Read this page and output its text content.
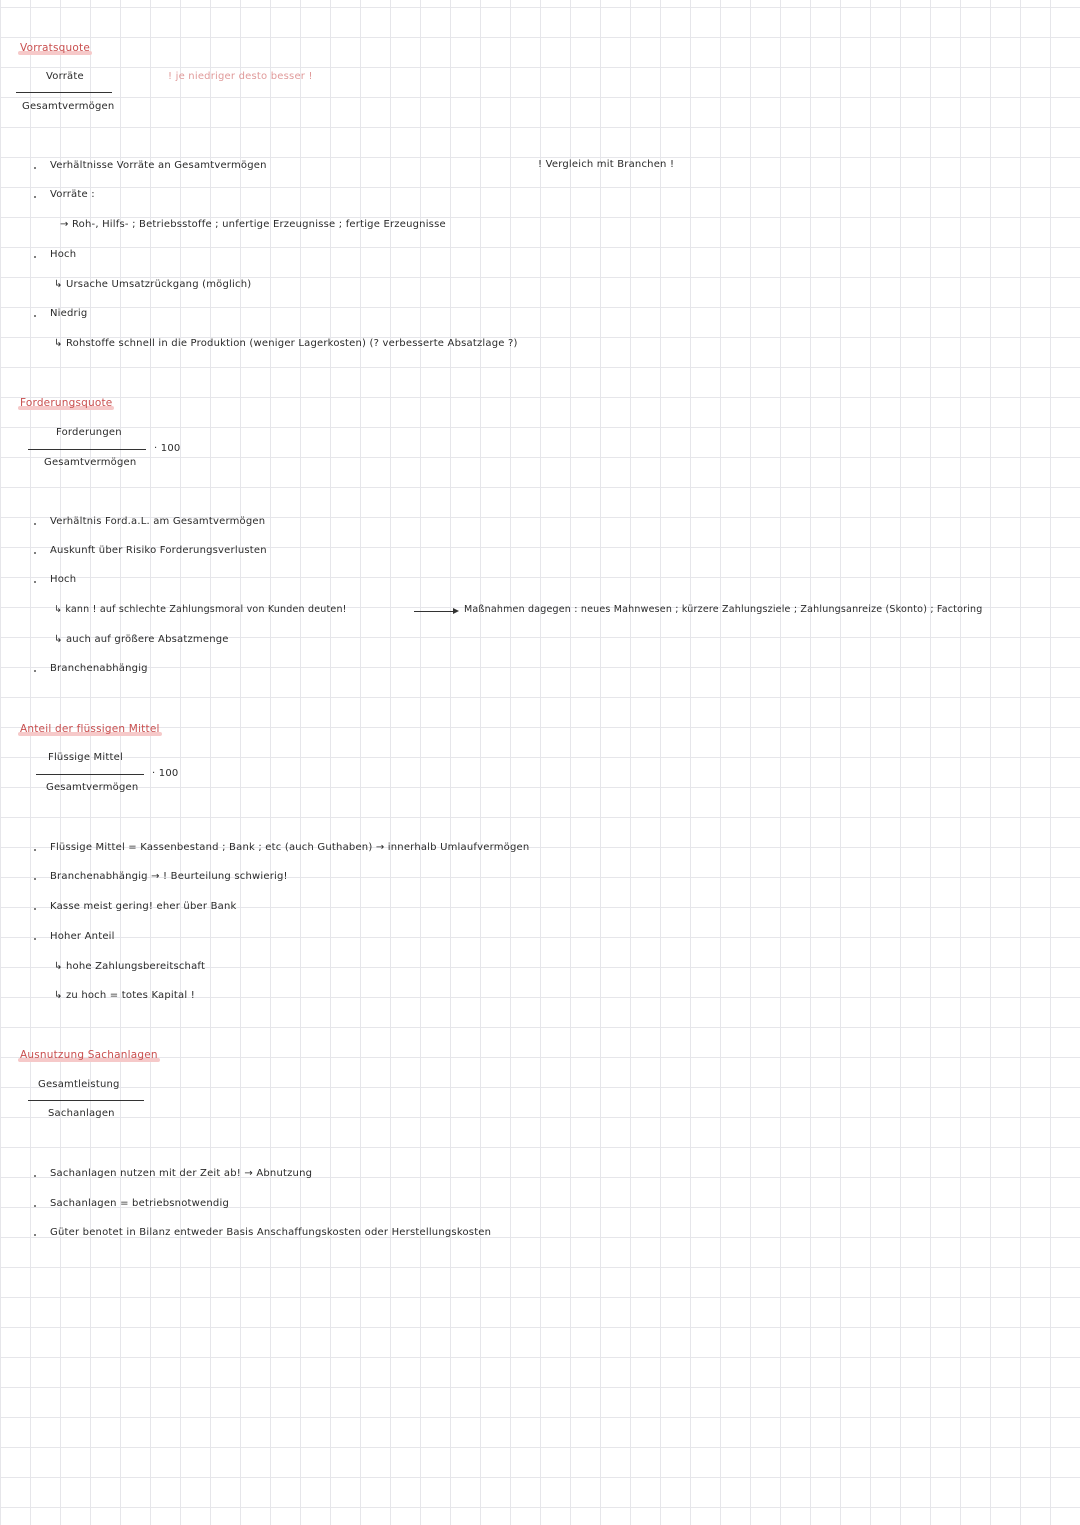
Vorratsquote
Vorräte
Gesamtvermögen
! je niedriger desto besser !
! Vergleich mit Branchen !
Verhältnisse Vorräte an Gesamtvermögen
Vorräte :
→ Roh-, Hilfs- ; Betriebsstoffe ; unfertige Erzeugnisse ; fertige Erzeugnisse
Hoch
↳ Ursache Umsatzrückgang (möglich)
Niedrig
↳ Rohstoffe schnell in die Produktion (weniger Lagerkosten) (? verbesserte Absatzlage ?)
Forderungsquote
Forderungen
· 100
Gesamtvermögen
Verhältnis Ford.a.L. am Gesamtvermögen
Auskunft über Risiko Forderungsverlusten
Hoch
↳ kann ! auf schlechte Zahlungsmoral von Kunden deuten!	Maßnahmen dagegen : neues Mahnwesen ; kürzere Zahlungsziele ; Zahlungsanreize (Skonto) ; Factoring
↳ auch auf größere Absatzmenge
Branchenabhängig
Anteil der flüssigen Mittel
Flüssige Mittel
· 100
Gesamtvermögen
Flüssige Mittel = Kassenbestand ; Bank ; etc (auch Guthaben) → innerhalb Umlaufvermögen
Branchenabhängig → ! Beurteilung schwierig!
Kasse meist gering! eher über Bank
Hoher Anteil
↳ hohe Zahlungsbereitschaft
↳ zu hoch = totes Kapital !
Ausnutzung Sachanlagen
Gesamtleistung
Sachanlagen
Sachanlagen nutzen mit der Zeit ab! → Abnutzung
Sachanlagen = betriebsnotwendig
Güter benotet in Bilanz entweder Basis Anschaffungskosten oder Herstellungskosten
